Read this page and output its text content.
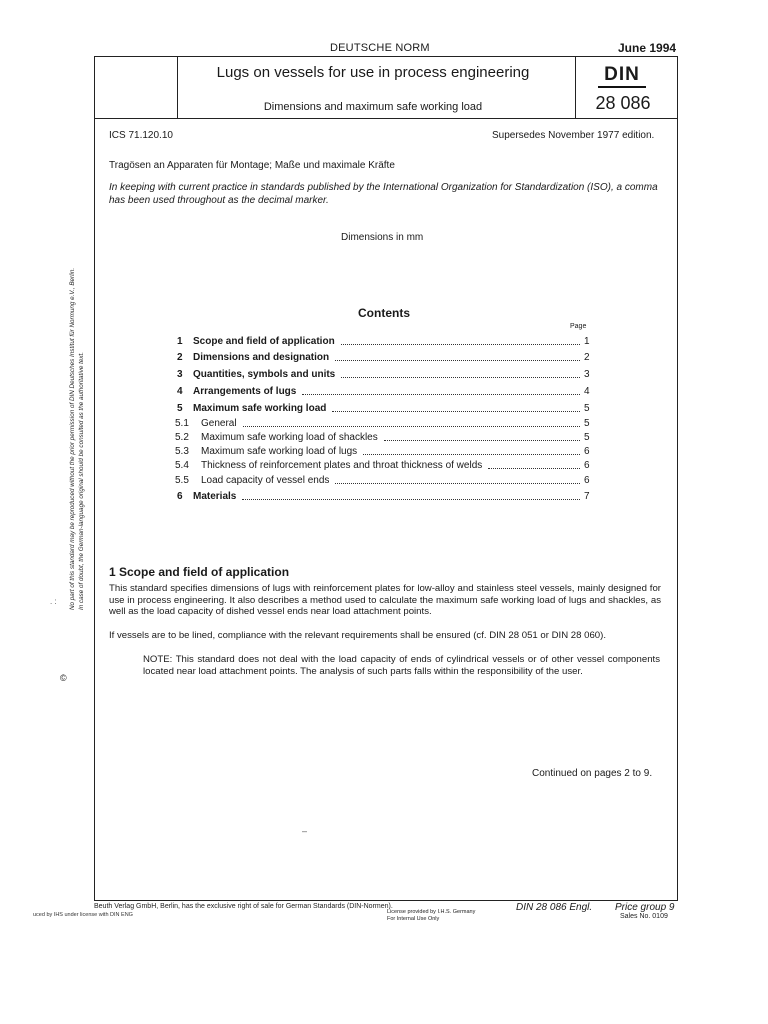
DEUTSCHE NORM	June 1994
Lugs on vessels for use in process engineering
Dimensions and maximum safe working load
DIN
28 086
ICS 71.120.10	Supersedes November 1977 edition.
Tragösen an Apparaten für Montage; Maße und maximale Kräfte
In keeping with current practice in standards published by the International Organization for Standardization (ISO), a comma has been used throughout as the decimal marker.
Dimensions in mm
Contents
Page
1 Scope and field of application	1
2 Dimensions and designation	2
3 Quantities, symbols and units	3
4 Arrangements of lugs	4
5 Maximum safe working load	5
5.1 General	5
5.2 Maximum safe working load of shackles	5
5.3 Maximum safe working load of lugs	6
5.4 Thickness of reinforcement plates and throat thickness of welds	6
5.5 Load capacity of vessel ends	6
6 Materials	7
1 Scope and field of application
This standard specifies dimensions of lugs with reinforcement plates for low-alloy and stainless steel vessels, mainly designed for use in process engineering. It also describes a method used to calculate the maximum safe working load of lugs and shackles, as well as the load capacity of dished vessel ends near load attachment points.
If vessels are to be lined, compliance with the relevant requirements shall be ensured (cf. DIN 28 051 or DIN 28 060).
NOTE: This standard does not deal with the load capacity of ends of cylindrical vessels or of other vessel components located near load attachment points. The analysis of such parts falls within the responsibility of the user.
Continued on pages 2 to 9.
–
. :
©
No part of this standard may be reproduced without the prior permission of DIN Deutsches Institut für Normung e.V., Berlin. In case of doubt, the German-language original should be consulted as the authoritative text.
Beuth Verlag GmbH, Berlin, has the exclusive right of sale for German Standards (DIN-Normen).
uced by IHS under license with DIN ENG	License provided by I.H.S. Germany
For Internal Use Only
DIN 28 086 Engl. Price group 9
Sales No. 0109
